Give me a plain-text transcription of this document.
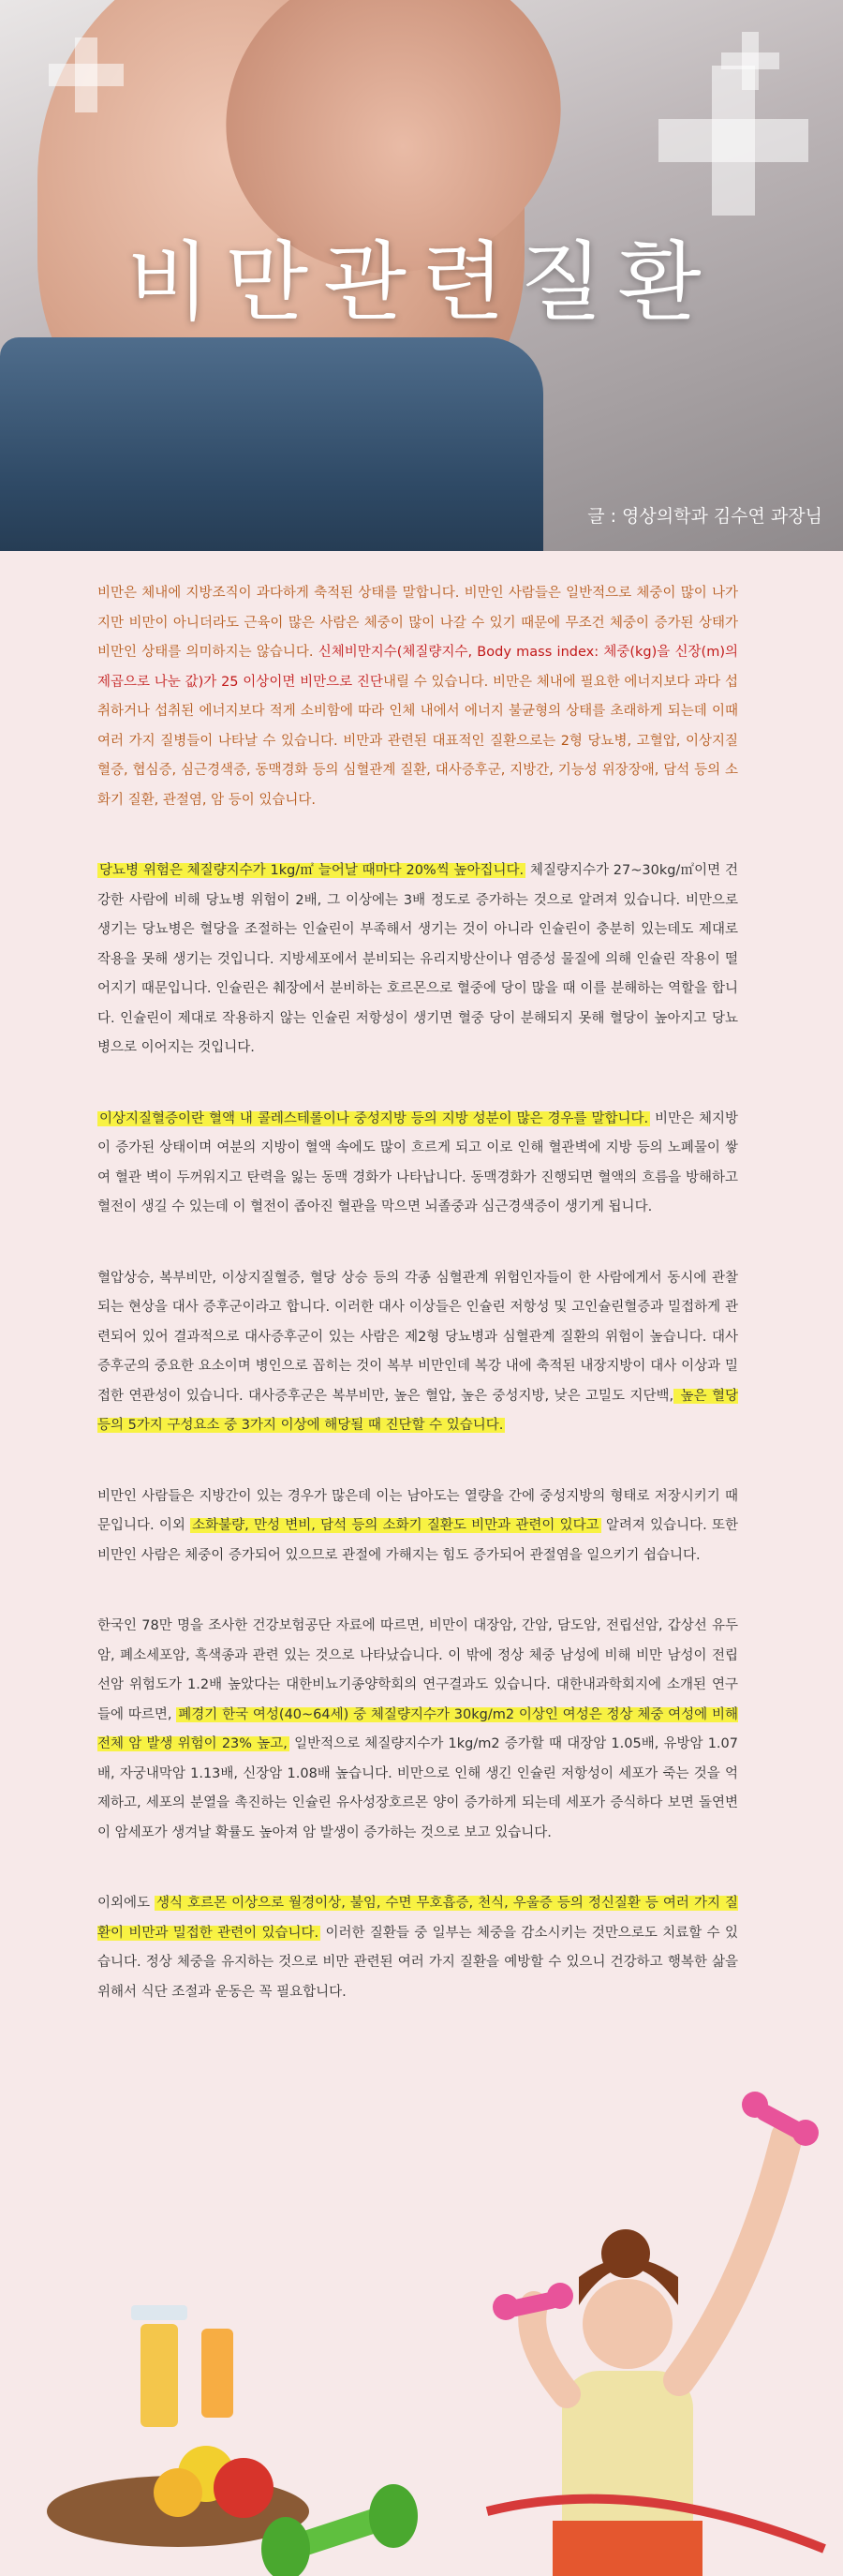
비만관련질환

글 : 영상의학과 김수연 과장님

비만은 체내에 지방조직이 과다하게 축적된 상태를 말합니다. 비만인 사람들은 일반적으로 체중이 많이 나가지만 비만이 아니더라도 근육이 많은 사람은 체중이 많이 나갈 수 있기 때문에 무조건 체중이 증가된 상태가 비만인 상태를 의미하지는 않습니다. 신체비만지수(체질량지수, Body mass index: 체중(kg)을 신장(m)의 제곱으로 나눈 값)가 25 이상이면 비만으로 진단내릴 수 있습니다. 비만은 체내에 필요한 에너지보다 과다 섭취하거나 섭취된 에너지보다 적게 소비함에 따라 인체 내에서 에너지 불균형의 상태를 초래하게 되는데 이때 여러 가지 질병들이 나타날 수 있습니다. 비만과 관련된 대표적인 질환으로는 2형 당뇨병, 고혈압, 이상지질혈증, 협심증, 심근경색증, 동맥경화 등의 심혈관계 질환, 대사증후군, 지방간, 기능성 위장장애, 담석 등의 소화기 질환, 관절염, 암 등이 있습니다.

당뇨병 위험은 체질량지수가 1kg/㎡ 늘어날 때마다 20%씩 높아집니다. 체질량지수가 27~30kg/㎡이면 건강한 사람에 비해 당뇨병 위험이 2배, 그 이상에는 3배 정도로 증가하는 것으로 알려져 있습니다. 비만으로 생기는 당뇨병은 혈당을 조절하는 인슐린이 부족해서 생기는 것이 아니라 인슐린이 충분히 있는데도 제대로 작용을 못해 생기는 것입니다. 지방세포에서 분비되는 유리지방산이나 염증성 물질에 의해 인슐린 작용이 떨어지기 때문입니다. 인슐린은 췌장에서 분비하는 호르몬으로 혈중에 당이 많을 때 이를 분해하는 역할을 합니다. 인슐린이 제대로 작용하지 않는 인슐린 저항성이 생기면 혈중 당이 분해되지 못해 혈당이 높아지고 당뇨병으로 이어지는 것입니다.

이상지질혈증이란 혈액 내 콜레스테롤이나 중성지방 등의 지방 성분이 많은 경우를 말합니다. 비만은 체지방이 증가된 상태이며 여분의 지방이 혈액 속에도 많이 흐르게 되고 이로 인해 혈관벽에 지방 등의 노폐물이 쌓여 혈관 벽이 두꺼워지고 탄력을 잃는 동맥 경화가 나타납니다. 동맥경화가 진행되면 혈액의 흐름을 방해하고 혈전이 생길 수 있는데 이 혈전이 좁아진 혈관을 막으면 뇌졸중과 심근경색증이 생기게 됩니다.

혈압상승, 복부비만, 이상지질혈증, 혈당 상승 등의 각종 심혈관계 위험인자들이 한 사람에게서 동시에 관찰되는 현상을 대사 증후군이라고 합니다. 이러한 대사 이상들은 인슐린 저항성 및 고인슐린혈증과 밀접하게 관련되어 있어 결과적으로 대사증후군이 있는 사람은 제2형 당뇨병과 심혈관계 질환의 위험이 높습니다. 대사증후군의 중요한 요소이며 병인으로 꼽히는 것이 복부 비만인데 복강 내에 축적된 내장지방이 대사 이상과 밀접한 연관성이 있습니다. 대사증후군은 복부비만, 높은 혈압, 높은 중성지방, 낮은 고밀도 지단백, 높은 혈당 등의 5가지 구성요소 중 3가지 이상에 해당될 때 진단할 수 있습니다.

비만인 사람들은 지방간이 있는 경우가 많은데 이는 남아도는 열량을 간에 중성지방의 형태로 저장시키기 때문입니다. 이외 소화불량, 만성 변비, 담석 등의 소화기 질환도 비만과 관련이 있다고 알려져 있습니다. 또한 비만인 사람은 체중이 증가되어 있으므로 관절에 가해지는 힘도 증가되어 관절염을 일으키기 쉽습니다.

한국인 78만 명을 조사한 건강보험공단 자료에 따르면, 비만이 대장암, 간암, 담도암, 전립선암, 갑상선 유두암, 폐소세포암, 흑색종과 관련 있는 것으로 나타났습니다. 이 밖에 정상 체중 남성에 비해 비만 남성이 전립선암 위험도가 1.2배 높았다는 대한비뇨기종양학회의 연구결과도 있습니다. 대한내과학회지에 소개된 연구들에 따르면, 폐경기 한국 여성(40~64세) 중 체질량지수가 30kg/m2 이상인 여성은 정상 체중 여성에 비해 전체 암 발생 위험이 23% 높고, 일반적으로 체질량지수가 1kg/m2 증가할 때 대장암 1.05배, 유방암 1.07배, 자궁내막암 1.13배, 신장암 1.08배 높습니다. 비만으로 인해 생긴 인슐린 저항성이 세포가 죽는 것을 억제하고, 세포의 분열을 촉진하는 인슐린 유사성장호르몬 양이 증가하게 되는데 세포가 증식하다 보면 돌연변이 암세포가 생겨날 확률도 높아져 암 발생이 증가하는 것으로 보고 있습니다.

이외에도 생식 호르몬 이상으로 월경이상, 불임, 수면 무호흡증, 천식, 우울증 등의 정신질환 등 여러 가지 질환이 비만과 밀접한 관련이 있습니다. 이러한 질환들 중 일부는 체중을 감소시키는 것만으로도 치료할 수 있습니다. 정상 체중을 유지하는 것으로 비만 관련된 여러 가지 질환을 예방할 수 있으니 건강하고 행복한 삶을 위해서 식단 조절과 운동은 꼭 필요합니다.
